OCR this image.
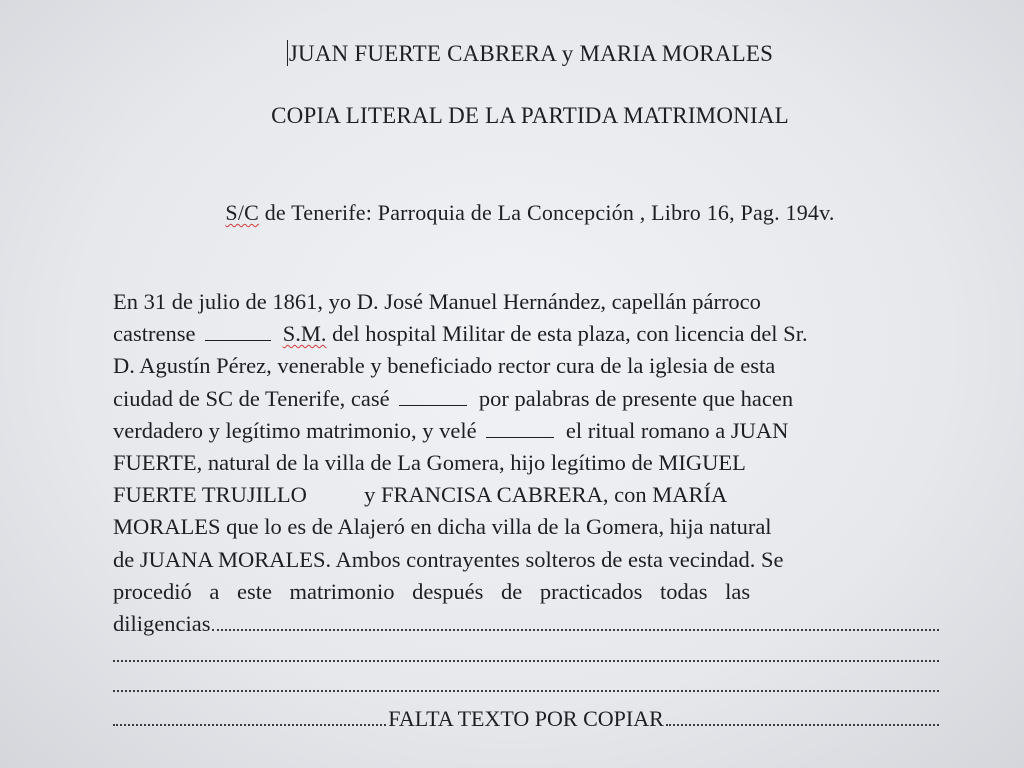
JUAN FUERTE CABRERA y MARIA MORALES
COPIA LITERAL DE LA PARTIDA MATRIMONIAL
S/C de Tenerife: Parroquia de La Concepción , Libro 16, Pag. 194v.
En 31 de julio de 1861, yo D. José Manuel Hernández, capellán párroco
castrense	S.M. del hospital Militar de esta plaza, con licencia del Sr.
D. Agustín Pérez, venerable y beneficiado rector cura de la iglesia de esta
ciudad de SC de Tenerife, casé	por palabras de presente que hacen
verdadero y legítimo matrimonio, y velé	el ritual romano a JUAN
FUERTE, natural de la villa de La Gomera, hijo legítimo de MIGUEL
FUERTE TRUJILLO	y FRANCISA CABRERA, con MARÍA
MORALES que lo es de Alajeró en dicha villa de la Gomera, hija natural
de JUANA MORALES. Ambos contrayentes solteros de esta vecindad. Se
procedió a este matrimonio después de practicados todas las
diligencias
FALTA TEXTO POR COPIAR
